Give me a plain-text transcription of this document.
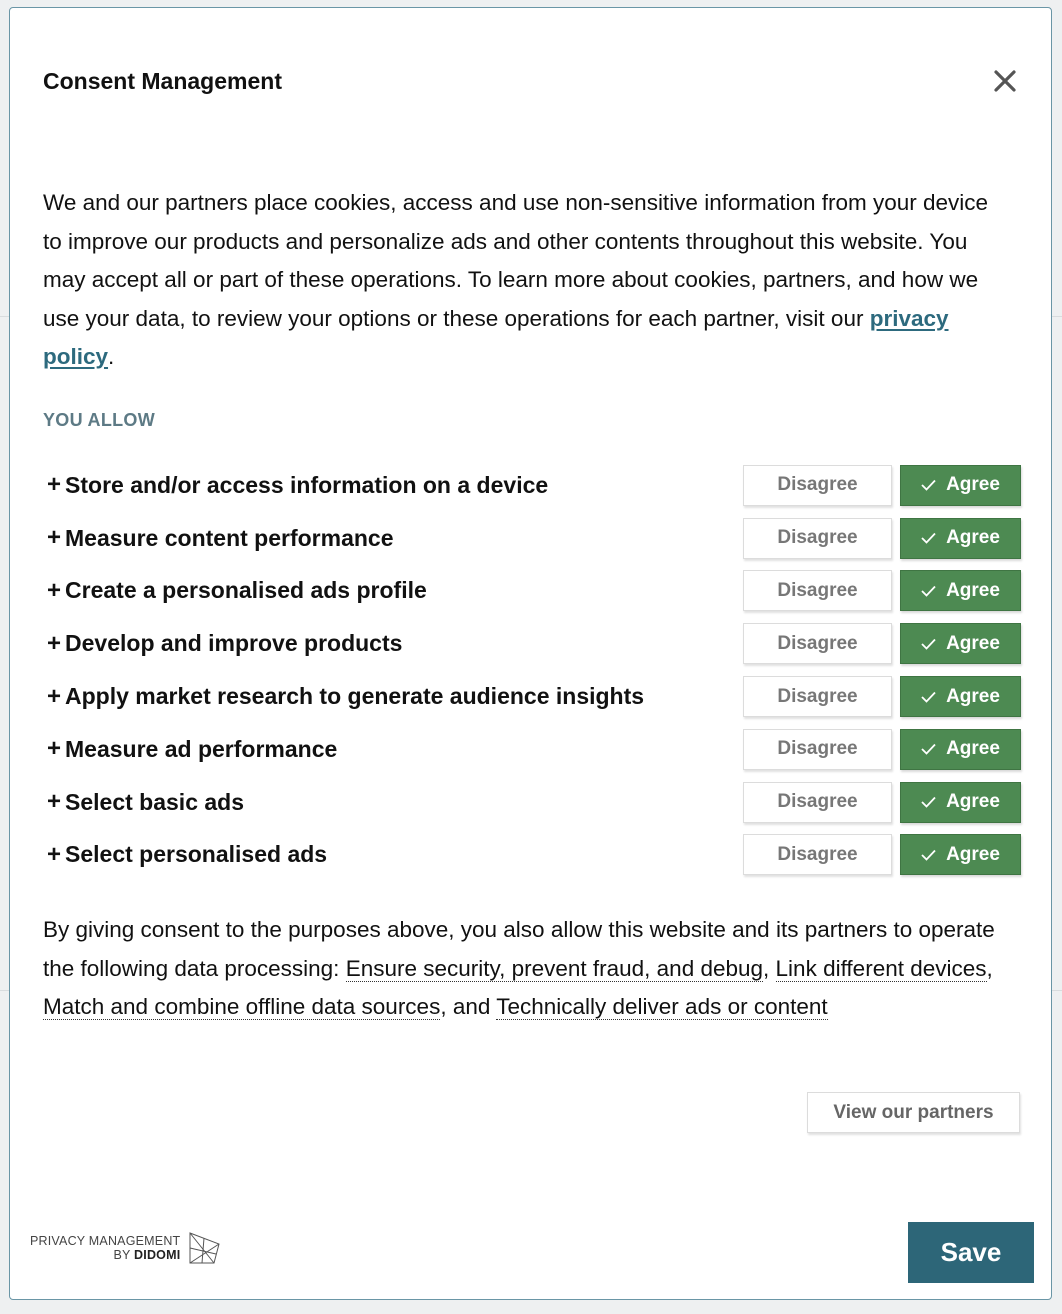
Consent Management

We and our partners place cookies, access and use non-sensitive information from your device to improve our products and personalize ads and other contents throughout this website. You may accept all or part of these operations. To learn more about cookies, partners, and how we use your data, to review your options or these operations for each partner, visit our privacy policy.

YOU ALLOW
+ Store and/or access information on a device	Disagree	Agree
+ Measure content performance	Disagree	Agree
+ Create a personalised ads profile	Disagree	Agree
+ Develop and improve products	Disagree	Agree
+ Apply market research to generate audience insights	Disagree	Agree
+ Measure ad performance	Disagree	Agree
+ Select basic ads	Disagree	Agree
+ Select personalised ads	Disagree	Agree

By giving consent to the purposes above, you also allow this website and its partners to operate the following data processing: Ensure security, prevent fraud, and debug, Link different devices, Match and combine offline data sources, and Technically deliver ads or content

View our partners
PRIVACY MANAGEMENT
BY DIDOMI	Save
